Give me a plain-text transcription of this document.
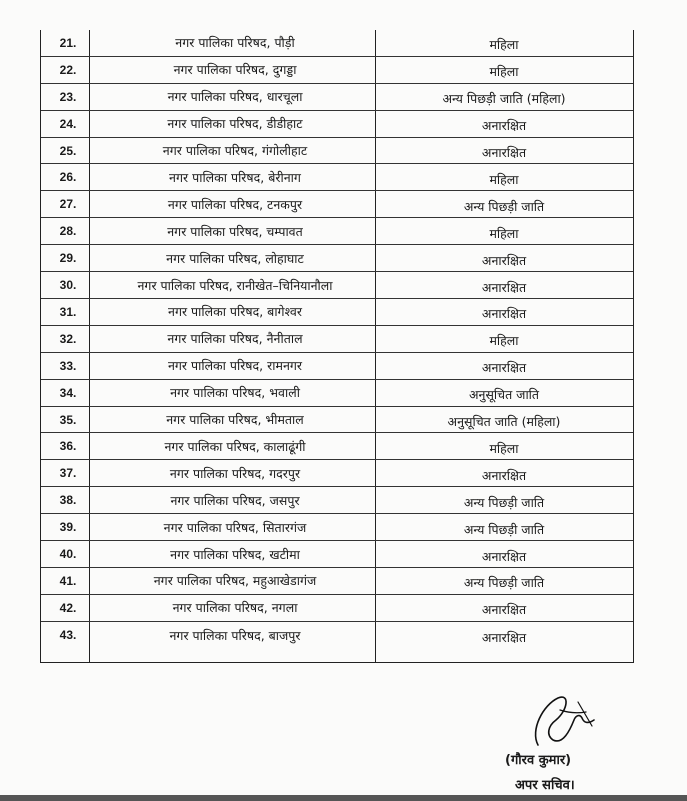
21.	नगर पालिका परिषद, पौड़ी	महिला
22.	नगर पालिका परिषद, दुगड्डा	महिला
23.	नगर पालिका परिषद, धारचूला	अन्य पिछड़ी जाति (महिला)
24.	नगर पालिका परिषद, डीडीहाट	अनारक्षित
25.	नगर पालिका परिषद, गंगोलीहाट	अनारक्षित
26.	नगर पालिका परिषद, बेरीनाग	महिला
27.	नगर पालिका परिषद, टनकपुर	अन्य पिछड़ी जाति
28.	नगर पालिका परिषद, चम्पावत	महिला
29.	नगर पालिका परिषद, लोहाघाट	अनारक्षित
30.	नगर पालिका परिषद, रानीखेत–चिनियानौला	अनारक्षित
31.	नगर पालिका परिषद, बागेश्वर	अनारक्षित
32.	नगर पालिका परिषद, नैनीताल	महिला
33.	नगर पालिका परिषद, रामनगर	अनारक्षित
34.	नगर पालिका परिषद, भवाली	अनुसूचित जाति
35.	नगर पालिका परिषद, भीमताल	अनुसूचित जाति (महिला)
36.	नगर पालिका परिषद, कालाढूंगी	महिला
37.	नगर पालिका परिषद, गदरपुर	अनारक्षित
38.	नगर पालिका परिषद, जसपुर	अन्य पिछड़ी जाति
39.	नगर पालिका परिषद, सितारगंज	अन्य पिछड़ी जाति
40.	नगर पालिका परिषद, खटीमा	अनारक्षित
41.	नगर पालिका परिषद, महुआखेडागंज	अन्य पिछड़ी जाति
42.	नगर पालिका परिषद, नगला	अनारक्षित
43.	नगर पालिका परिषद, बाजपुर	अनारक्षित
(गौरव कुमार)
अपर सचिव।
